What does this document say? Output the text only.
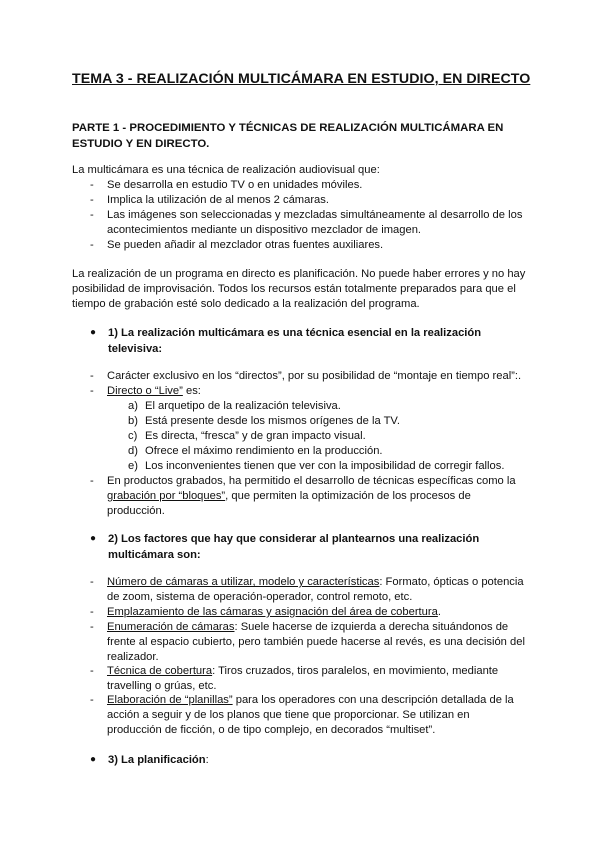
TEMA 3 - REALIZACIÓN MULTICÁMARA EN ESTUDIO, EN DIRECTO
PARTE 1 - PROCEDIMIENTO Y TÉCNICAS DE REALIZACIÓN MULTICÁMARA EN ESTUDIO Y EN DIRECTO.
La multicámara es una técnica de realización audiovisual que:
- Se desarrolla en estudio TV o en unidades móviles.
- Implica la utilización de al menos 2 cámaras.
- Las imágenes son seleccionadas y mezcladas simultáneamente al desarrollo de los acontecimientos mediante un dispositivo mezclador de imagen.
- Se pueden añadir al mezclador otras fuentes auxiliares.
La realización de un programa en directo es planificación. No puede haber errores y no hay posibilidad de improvisación. Todos los recursos están totalmente preparados para que el tiempo de grabación esté solo dedicado a la realización del programa.
● 1) La realización multicámara es una técnica esencial en la realización televisiva:
- Carácter exclusivo en los “directos”, por su posibilidad de “montaje en tiempo real”:.
- Directo o “Live” es:
a) El arquetipo de la realización televisiva.
b) Está presente desde los mismos orígenes de la TV.
c) Es directa, “fresca” y de gran impacto visual.
d) Ofrece el máximo rendimiento en la producción.
e) Los inconvenientes tienen que ver con la imposibilidad de corregir fallos.
- En productos grabados, ha permitido el desarrollo de técnicas específicas como la grabación por “bloques”, que permiten la optimización de los procesos de producción.
● 2) Los factores que hay que considerar al plantearnos una realización multicámara son:
- Número de cámaras a utilizar, modelo y características: Formato, ópticas o potencia de zoom, sistema de operación-operador, control remoto, etc.
- Emplazamiento de las cámaras y asignación del área de cobertura.
- Enumeración de cámaras: Suele hacerse de izquierda a derecha situándonos de frente al espacio cubierto, pero también puede hacerse al revés, es una decisión del realizador.
- Técnica de cobertura: Tiros cruzados, tiros paralelos, en movimiento, mediante travelling o grúas, etc.
- Elaboración de “planillas” para los operadores con una descripción detallada de la acción a seguir y de los planos que tiene que proporcionar. Se utilizan en producción de ficción, o de tipo complejo, en decorados “multiset”.
● 3) La planificación:
